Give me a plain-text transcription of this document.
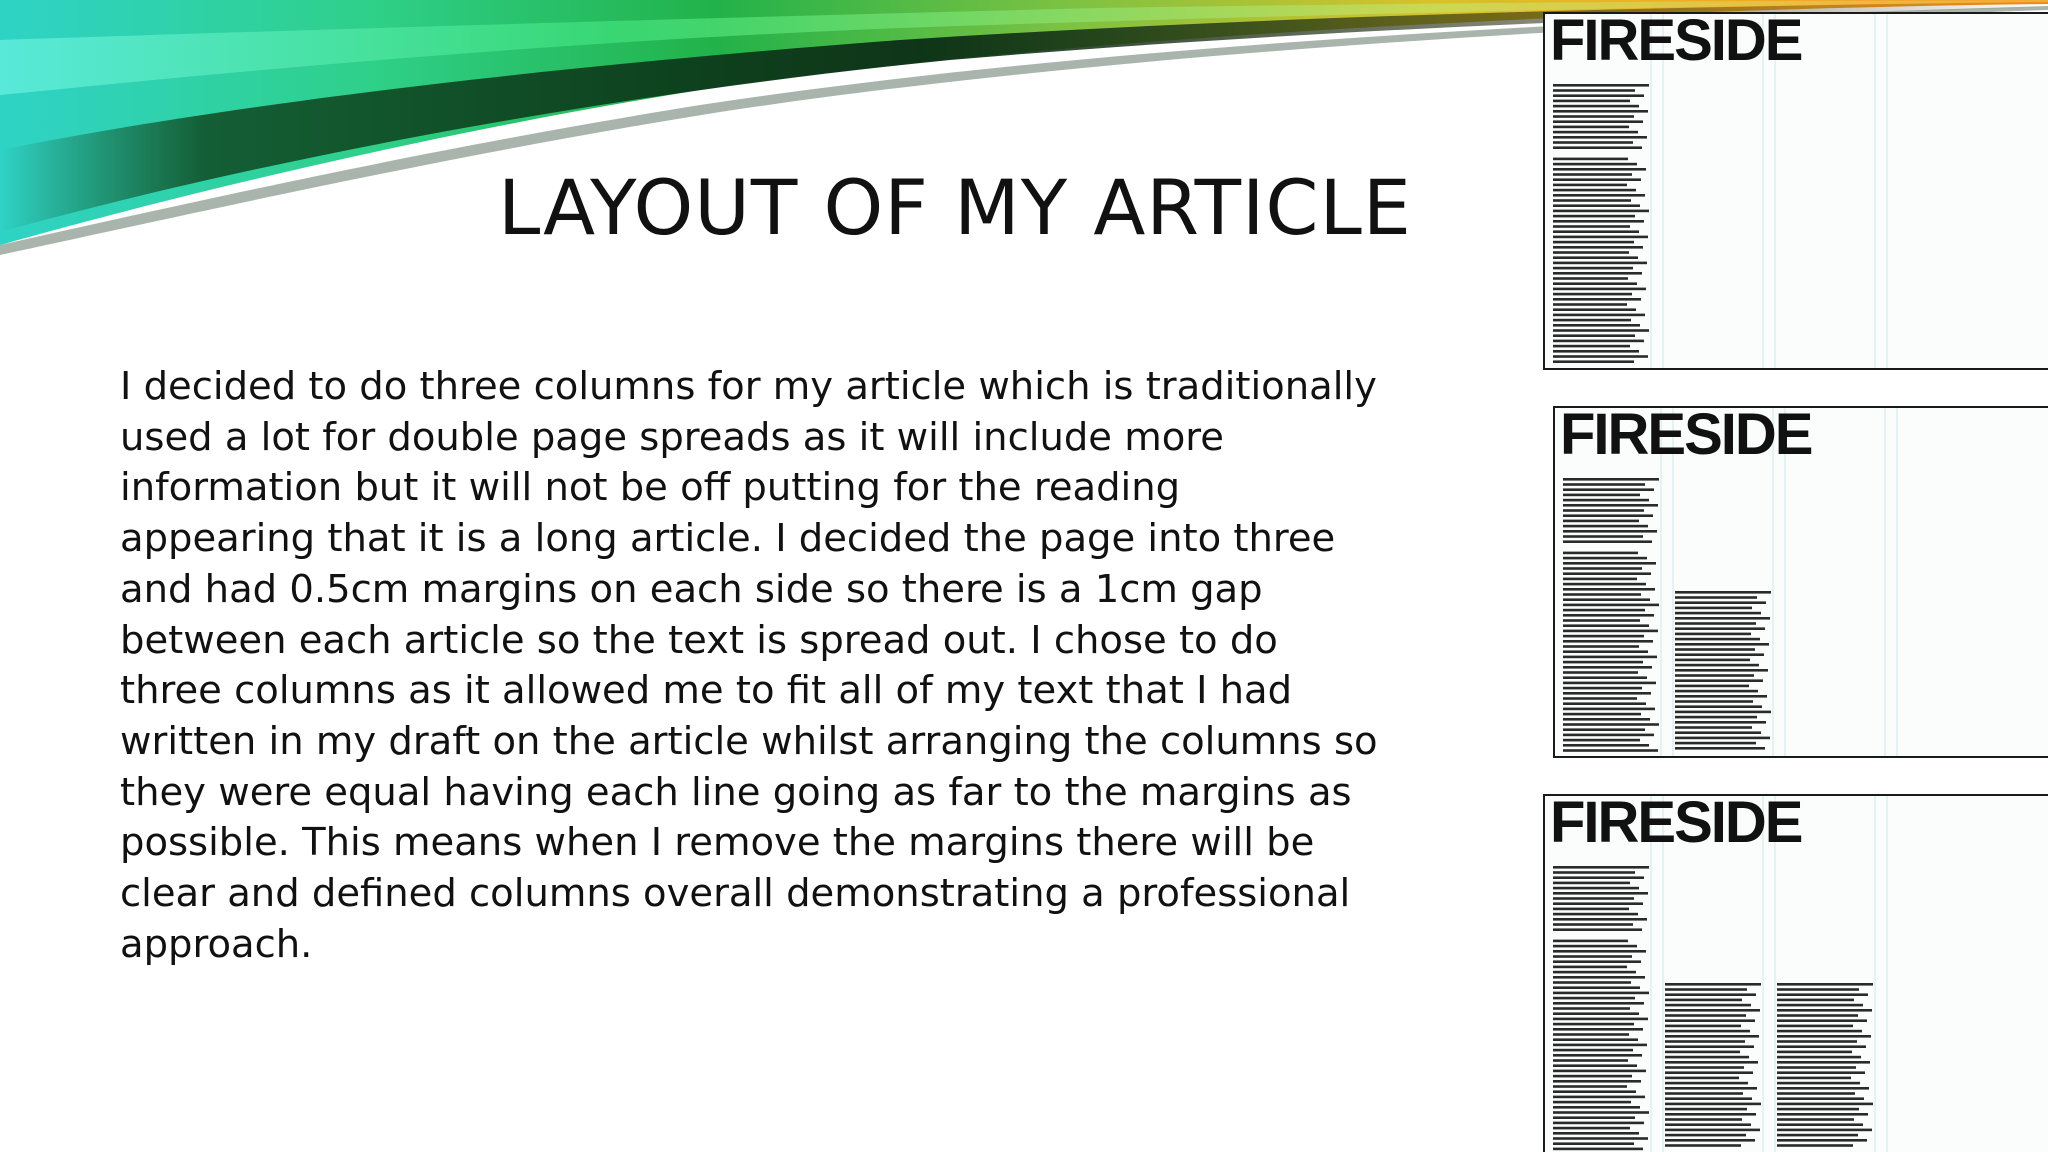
LAYOUT OF MY ARTICLE

I decided to do three columns for my article which is traditionally
used a lot for double page spreads as it will include more
information but it will not be off putting for the reading
appearing that it is a long article. I decided the page into three
and had 0.5cm margins on each side so there is a 1cm gap
between each article so the text is spread out. I chose to do
three columns as it allowed me to fit all of my text that I had
written in my draft on the article whilst arranging the columns so
they were equal having each line going as far to the margins as
possible. This means when I remove the margins there will be
clear and defined columns overall demonstrating a professional
approach.

FIRESIDE
FIRESIDE
FIRESIDE
